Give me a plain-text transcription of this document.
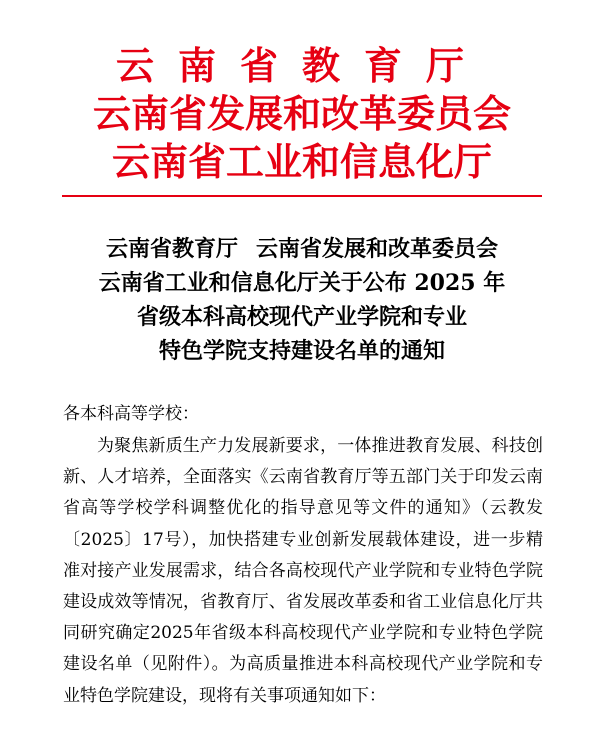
云南省教育厅
云南省发展和改革委员会
云南省工业和信息化厅
云南省教育厅 云南省发展和改革委员会
云南省工业和信息化厅关于公布 2025 年
省级本科高校现代产业学院和专业
特色学院支持建设名单的通知
各本科高等学校：
为聚焦新质生产力发展新要求，一体推进教育发展、科技创新、人才培养，全面落实《云南省教育厅等五部门关于印发云南省高等学校学科调整优化的指导意见等文件的通知》（云教发〔2025〕17号），加快搭建专业创新发展载体建设，进一步精准对接产业发展需求，结合各高校现代产业学院和专业特色学院建设成效等情况，省教育厅、省发展改革委和省工业信息化厅共同研究确定2025年省级本科高校现代产业学院和专业特色学院建设名单（见附件）。为高质量推进本科高校现代产业学院和专业特色学院建设，现将有关事项通知如下：
